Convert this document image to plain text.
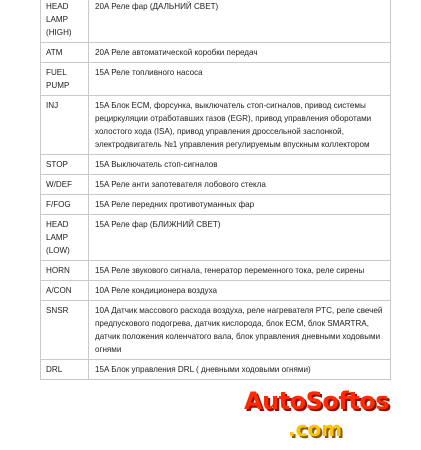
HEAD LAMP (HIGH)	20A Реле фар (ДАЛЬНИЙ СВЕТ)
ATM	20A Реле автоматической коробки передач
FUEL PUMP	15A Реле топливного насоса
INJ	15A Блок ECM, форсунка, выключатель стоп-сигналов, привод системы рециркуляции отработавших газов (EGR), привод управления оборотами холостого хода (ISA), привод управления дроссельной заслонкой, электродвигатель №1 управления регулируемым впускным коллектором
STOP	15A Выключатель стоп-сигналов
W/DEF	15A Реле анти запотевателя лобового стекла
F/FOG	15A Реле передних противотуманных фар
HEAD LAMP (LOW)	15A Реле фар (БЛИЖНИЙ СВЕТ)
HORN	15A Реле звукового сигнала, генератор переменного тока, реле сирены
A/CON	10A Реле кондиционера воздуха
SNSR	10A Датчик массового расхода воздуха, реле нагревателя PTC, реле свечей предпускового подогрева, датчик кислорода, блок ECM, блок SMARTRA, датчик положения коленчатого вала, блок управления дневными ходовыми огнями
DRL	15A Блок управления DRL ( дневными ходовыми огнями)
AutoSoftos
.com
